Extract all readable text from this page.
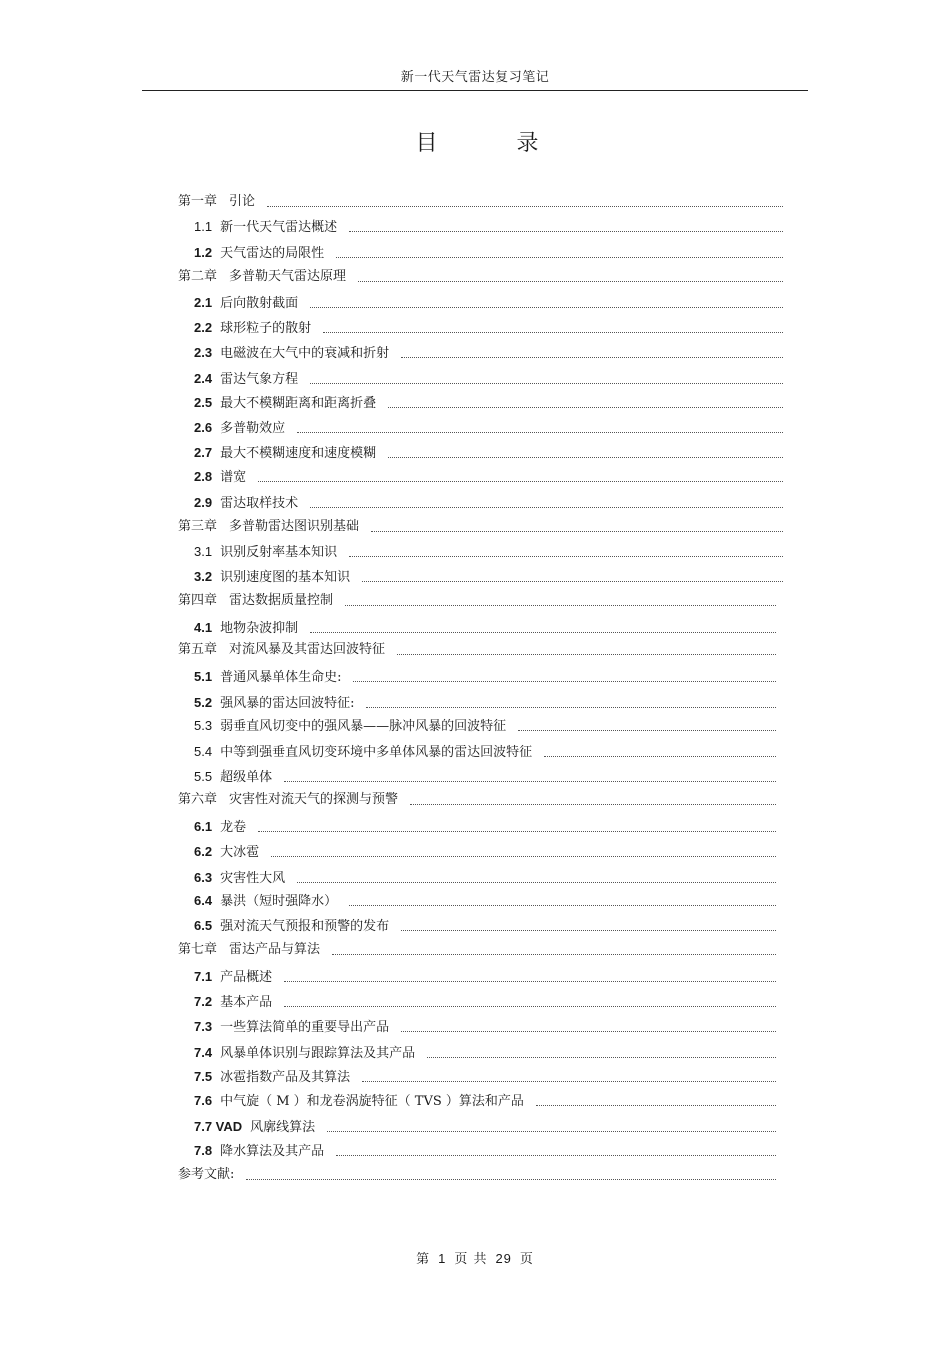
新一代天气雷达复习笔记
目 录
第一章 引论
1.1 新一代天气雷达概述
1.2 天气雷达的局限性
第二章 多普勒天气雷达原理
2.1 后向散射截面
2.2 球形粒子的散射
2.3 电磁波在大气中的衰减和折射
2.4 雷达气象方程
2.5 最大不模糊距离和距离折叠
2.6 多普勒效应
2.7 最大不模糊速度和速度模糊
2.8 谱宽
2.9 雷达取样技术
第三章 多普勒雷达图识别基础
3.1 识别反射率基本知识
3.2 识别速度图的基本知识
第四章 雷达数据质量控制
4.1 地物杂波抑制
第五章 对流风暴及其雷达回波特征
5.1 普通风暴单体生命史:
5.2 强风暴的雷达回波特征:
5.3 弱垂直风切变中的强风暴——脉冲风暴的回波特征
5.4 中等到强垂直风切变环境中多单体风暴的雷达回波特征
5.5 超级单体
第六章 灾害性对流天气的探测与预警
6.1 龙卷
6.2 大冰雹
6.3 灾害性大风
6.4 暴洪（短时强降水）
6.5 强对流天气预报和预警的发布
第七章 雷达产品与算法
7.1 产品概述
7.2 基本产品
7.3 一些算法简单的重要导出产品
7.4 风暴单体识别与跟踪算法及其产品
7.5 冰雹指数产品及其算法
7.6 中气旋（ M ）和龙卷涡旋特征（ TVS ）算法和产品
7.7 VAD 风廓线算法
7.8 降水算法及其产品
参考文献:
第 1 页 共 29 页
